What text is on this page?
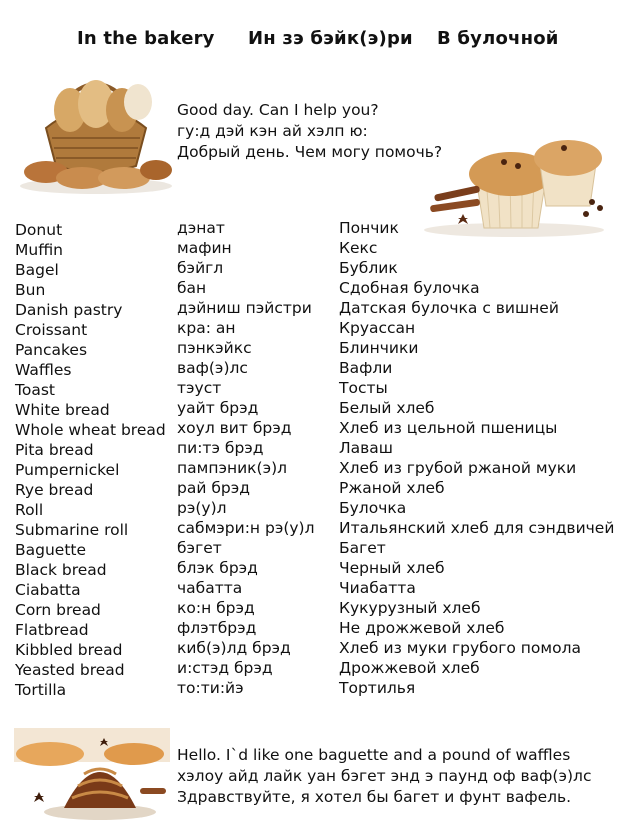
In the bakery Ин зэ бэйк(э)ри В булочной
Good day. Can I help you?
гу:д дэй кэн ай хэлп ю:
Добрый день. Чем могу помочь?
Donut
Muffin
Bagel
Bun
Danish pastry
Croissant
Pancakes
Waffles
Toast
White bread
Whole wheat bread
Pita bread
Pumpernickel
Rye bread
Roll
Submarine roll
Baguette
Black bread
Ciabatta
Corn bread
Flatbread
Kibbled bread
Yeasted bread
Tortilla
дэнат
мафин
бэйгл
бан
дэйниш пэйстри
кра: ан
пэнкэйкс
ваф(э)лс
тэуст
уайт брэд
хоул вит брэд
пи:тэ брэд
пампэник(э)л
рай брэд
рэ(у)л
сабмэри:н рэ(у)л
бэгет
блэк брэд
чабатта
ко:н брэд
флэтбрэд
киб(э)лд брэд
и:стэд брэд
то:ти:йэ
Пончик
Кекс
Бублик
Сдобная булочка
Датская булочка с вишней
Круассан
Блинчики
Вафли
Тосты
Белый хлеб
Хлеб из цельной пшеницы
Лаваш
Хлеб из грубой ржаной муки
Ржаной хлеб
Булочка
Итальянский хлеб для сэндвичей
Багет
Черный хлеб
Чиабатта
Кукурузный хлеб
Не дрожжевой хлеб
Хлеб из муки грубого помола
Дрожжевой хлеб
Тортилья
Hello. I`d like one baguette and a pound of waffles
хэлоу айд лайк уан бэгет энд э паунд оф ваф(э)лс
Здравствуйте, я хотел бы багет и фунт вафель.
